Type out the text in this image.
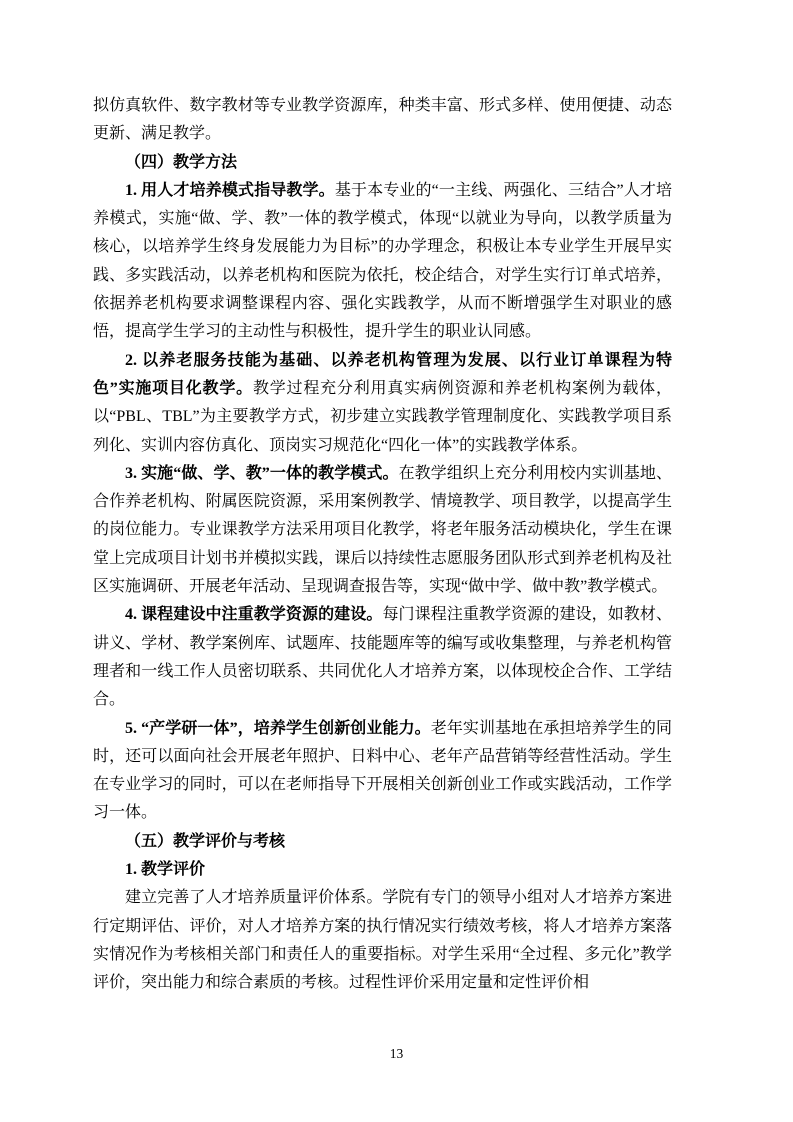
拟仿真软件、数字教材等专业教学资源库，种类丰富、形式多样、使用便捷、动态更新、满足教学。

（四）教学方法

1. 用人才培养模式指导教学。基于本专业的“一主线、两强化、三结合”人才培养模式，实施“做、学、教”一体的教学模式，体现“以就业为导向，以教学质量为核心，以培养学生终身发展能力为目标”的办学理念，积极让本专业学生开展早实践、多实践活动，以养老机构和医院为依托，校企结合，对学生实行订单式培养，依据养老机构要求调整课程内容、强化实践教学，从而不断增强学生对职业的感悟，提高学生学习的主动性与积极性，提升学生的职业认同感。

2. 以养老服务技能为基础、以养老机构管理为发展、以行业订单课程为特色”实施项目化教学。教学过程充分利用真实病例资源和养老机构案例为载体，以“PBL、TBL”为主要教学方式，初步建立实践教学管理制度化、实践教学项目系列化、实训内容仿真化、顶岗实习规范化“四化一体”的实践教学体系。

3. 实施“做、学、教”一体的教学模式。在教学组织上充分利用校内实训基地、合作养老机构、附属医院资源，采用案例教学、情境教学、项目教学，以提高学生的岗位能力。专业课教学方法采用项目化教学，将老年服务活动模块化，学生在课堂上完成项目计划书并模拟实践，课后以持续性志愿服务团队形式到养老机构及社区实施调研、开展老年活动、呈现调查报告等，实现“做中学、做中教”教学模式。

4. 课程建设中注重教学资源的建设。每门课程注重教学资源的建设，如教材、讲义、学材、教学案例库、试题库、技能题库等的编写或收集整理，与养老机构管理者和一线工作人员密切联系、共同优化人才培养方案，以体现校企合作、工学结合。

5. “产学研一体”，培养学生创新创业能力。老年实训基地在承担培养学生的同时，还可以面向社会开展老年照护、日料中心、老年产品营销等经营性活动。学生在专业学习的同时，可以在老师指导下开展相关创新创业工作或实践活动，工作学习一体。

（五）教学评价与考核

1. 教学评价

建立完善了人才培养质量评价体系。学院有专门的领导小组对人才培养方案进行定期评估、评价，对人才培养方案的执行情况实行绩效考核，将人才培养方案落实情况作为考核相关部门和责任人的重要指标。对学生采用“全过程、多元化”教学评价，突出能力和综合素质的考核。过程性评价采用定量和定性评价相

13
